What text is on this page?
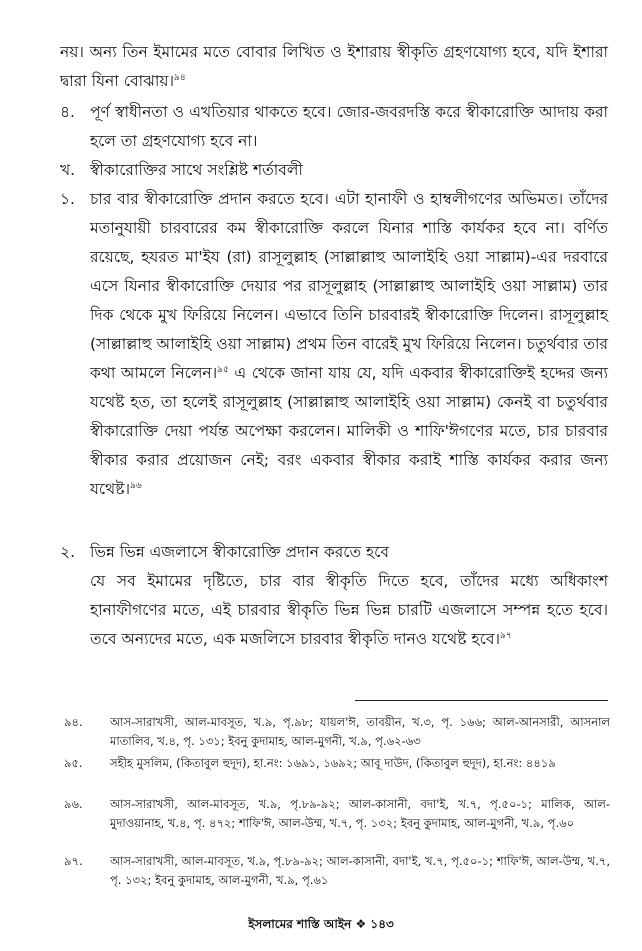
নয়। অন্য তিন ইমামের মতে বোবার লিখিত ও ইশারায় স্বীকৃতি গ্রহণযোগ্য হবে, যদি ইশারা দ্বারা যিনা বোঝায়।$^{৯৪}$
৪. পূর্ণ স্বাধীনতা ও এখতিয়ার থাকতে হবে। জোর-জবরদস্তি করে স্বীকারোক্তি আদায় করা হলে তা গ্রহণযোগ্য হবে না।
খ. স্বীকারোক্তির সাথে সংশ্লিষ্ট শর্তাবলী
১. চার বার স্বীকারোক্তি প্রদান করতে হবে। এটা হানাফী ও হাম্বলীগণের অভিমত। তাঁদের মতানুযায়ী চারবারের কম স্বীকারোক্তি করলে যিনার শাস্তি কার্যকর হবে না। বর্ণিত রয়েছে, হযরত মা'ইয (রা) রাসূলুল্লাহ (সাল্লাল্লাহু আলাইহি ওয়া সাল্লাম)-এর দরবারে এসে যিনার স্বীকারোক্তি দেয়ার পর রাসূলুল্লাহ (সাল্লাল্লাহু আলাইহি ওয়া সাল্লাম) তার দিক থেকে মুখ ফিরিয়ে নিলেন। এভাবে তিনি চারবারই স্বীকারোক্তি দিলেন। রাসূলুল্লাহ (সাল্লাল্লাহু আলাইহি ওয়া সাল্লাম) প্রথম তিন বারেই মুখ ফিরিয়ে নিলেন। চতুর্থবার তার কথা আমলে নিলেন।$^{৯৫}$ এ থেকে জানা যায় যে, যদি একবার স্বীকারোক্তিই হদ্দের জন্য যথেষ্ট হত, তা হলেই রাসূলুল্লাহ (সাল্লাল্লাহু আলাইহি ওয়া সাল্লাম) কেনই বা চতুর্থবার স্বীকারোক্তি দেয়া পর্যন্ত অপেক্ষা করলেন। মালিকী ও শাফি'ঈগণের মতে, চার চারবার স্বীকার করার প্রয়োজন নেই; বরং একবার স্বীকার করাই শাস্তি কার্যকর করার জন্য যথেষ্ট।$^{৯৬}$
২. ভিন্ন ভিন্ন এজলাসে স্বীকারোক্তি প্রদান করতে হবে
যে সব ইমামের দৃষ্টিতে, চার বার স্বীকৃতি দিতে হবে, তাঁদের মধ্যে অধিকাংশ হানাফীগণের মতে, এই চারবার স্বীকৃতি ভিন্ন ভিন্ন চারটি এজলাসে সম্পন্ন হতে হবে। তবে অন্যদের মতে, এক মজলিসে চারবার স্বীকৃতি দানও যথেষ্ট হবে।$^{৯৭}$
৯৪.	আস-সারাখসী, আল-মাবসূত, খ.৯, পৃ.৯৮; যায়ল'ঈ, তাবয়ীন, খ.৩, পৃ. ১৬৬; আল-আনসারী, আসনাল মাতালিব, খ.৪, পৃ. ১৩১; ইবনু কুদামাহ, আল-মুগনী, খ.৯, পৃ.৬২-৬৩
৯৫.	সহীহ মুসলিম, (কিতাবুল হুদূদ), হা.নং: ১৬৯১, ১৬৯২; আবূ দাউদ, (কিতাবুল হুদূদ), হা.নং: ৪৪১৯
৯৬.	আস-সারাখসী, আল-মাবসূত, খ.৯, পৃ.৮৯-৯২; আল-কাসানী, বদা'ই, খ.৭, পৃ.৫০-১; মালিক, আল-মুদাওয়ানাহ, খ.৪, পৃ. ৪৭২; শাফি'ঈ, আল-উম্ম, খ.৭, পৃ. ১৩২; ইবনু কুদামাহ, আল-মুগনী, খ.৯, পৃ.৬০
৯৭.	আস-সারাখসী, আল-মাবসূত, খ.৯, পৃ.৮৯-৯২; আল-কাসানী, বদা'ই, খ.৭, পৃ.৫০-১; শাফি'ঈ, আল-উম্ম, খ.৭, পৃ. ১৩২; ইবনু কুদামাহ, আল-মুগনী, খ.৯, পৃ.৬১
ইসলামের শাস্তি আইন ❖ ১৪৩
